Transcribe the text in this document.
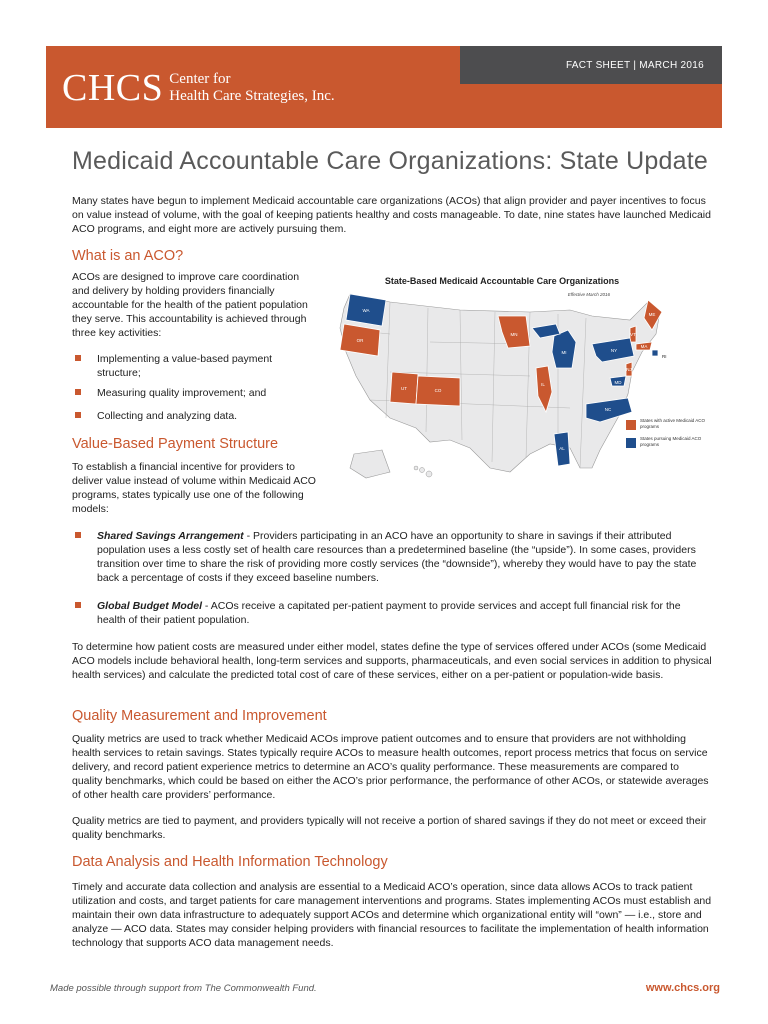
CHCS Center for
Health Care Strategies, Inc.
FACT SHEET | MARCH 2016
Medicaid Accountable Care Organizations: State Update
Many states have begun to implement Medicaid accountable care organizations (ACOs) that align provider and payer incentives to focus on value instead of volume, with the goal of keeping patients healthy and costs manageable. To date, nine states have launched Medicaid ACO programs, and eight more are actively pursuing them.
What is an ACO?
ACOs are designed to improve care coordination and delivery by holding providers financially accountable for the health of the patient population they serve. This accountability is achieved through three key activities:
Implementing a value-based payment structure;
Measuring quality improvement; and
Collecting and analyzing data.
Value-Based Payment Structure
To establish a financial incentive for providers to deliver value instead of volume within Medicaid ACO programs, states typically use one of the following models:
State-Based Medicaid Accountable Care Organizations
Effective March 2016
WA
OR
MN
UT	CO
IL
MI	NY
ME
VT
MA
NJ
MD
NC
AL
RI
States with active Medicaid ACO programs
States pursuing Medicaid ACO programs
Shared Savings Arrangement - Providers participating in an ACO have an opportunity to share in savings if their attributed population uses a less costly set of health care resources than a predetermined baseline (the “upside”). In some cases, providers transition over time to share the risk of providing more costly services (the “downside”), whereby they would have to pay the state back a percentage of costs if they exceed baseline numbers.
Global Budget Model - ACOs receive a capitated per-patient payment to provide services and accept full financial risk for the health of their patient population.
To determine how patient costs are measured under either model, states define the type of services offered under ACOs (some Medicaid ACO models include behavioral health, long-term services and supports, pharmaceuticals, and even social services in addition to physical health services) and calculate the predicted total cost of care of these services, either on a per-patient or population-wide basis.
Quality Measurement and Improvement
Quality metrics are used to track whether Medicaid ACOs improve patient outcomes and to ensure that providers are not withholding health services to retain savings. States typically require ACOs to measure health outcomes, report process metrics that focus on service delivery, and record patient experience metrics to determine an ACO’s quality performance. These measurements are compared to quality benchmarks, which could be based on either the ACO’s prior performance, the performance of other ACOs, or statewide averages of other health care providers’ performance.
Quality metrics are tied to payment, and providers typically will not receive a portion of shared savings if they do not meet or exceed their quality benchmarks.
Data Analysis and Health Information Technology
Timely and accurate data collection and analysis are essential to a Medicaid ACO’s operation, since data allows ACOs to track patient utilization and costs, and target patients for care management interventions and programs. States implementing ACOs must establish and maintain their own data infrastructure to adequately support ACOs and determine which organizational entity will “own” — i.e., store and analyze — ACO data. States may consider helping providers with financial resources to facilitate the implementation of health information technology that supports ACO data management needs.
Made possible through support from The Commonwealth Fund.	www.chcs.org
